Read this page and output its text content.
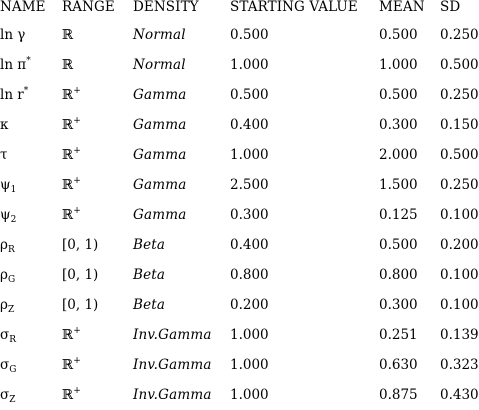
NAME RANGE DENSITY STARTING VALUE MEAN SD
ln γ	ℝ	Normal	0.500	0.500 0.250
ln π* ℝ	Normal	1.000	1.000 0.500
ln r* ℝ+	Gamma	0.500	0.500 0.250
κ	ℝ+	Gamma	0.400	0.300 0.150
τ	ℝ+	Gamma	1.000	2.000 0.500
$\psi_1$	ℝ+	Gamma	2.500	1.500 0.250
$\psi_2$	ℝ+	Gamma	0.300	0.125 0.100
$\rho_R$	[0, 1)	Beta	0.400	0.500 0.200
$\rho_G$	[0, 1)	Beta	0.800	0.800 0.100
$\rho_Z$	[0, 1)	Beta	0.200	0.300 0.100
$\sigma_R$	ℝ+	Inv.Gamma 1.000	0.251 0.139
$\sigma_G$	ℝ+	Inv.Gamma 1.000	0.630 0.323
$\sigma_Z$	ℝ+	Inv.Gamma 1.000	0.875 0.430
